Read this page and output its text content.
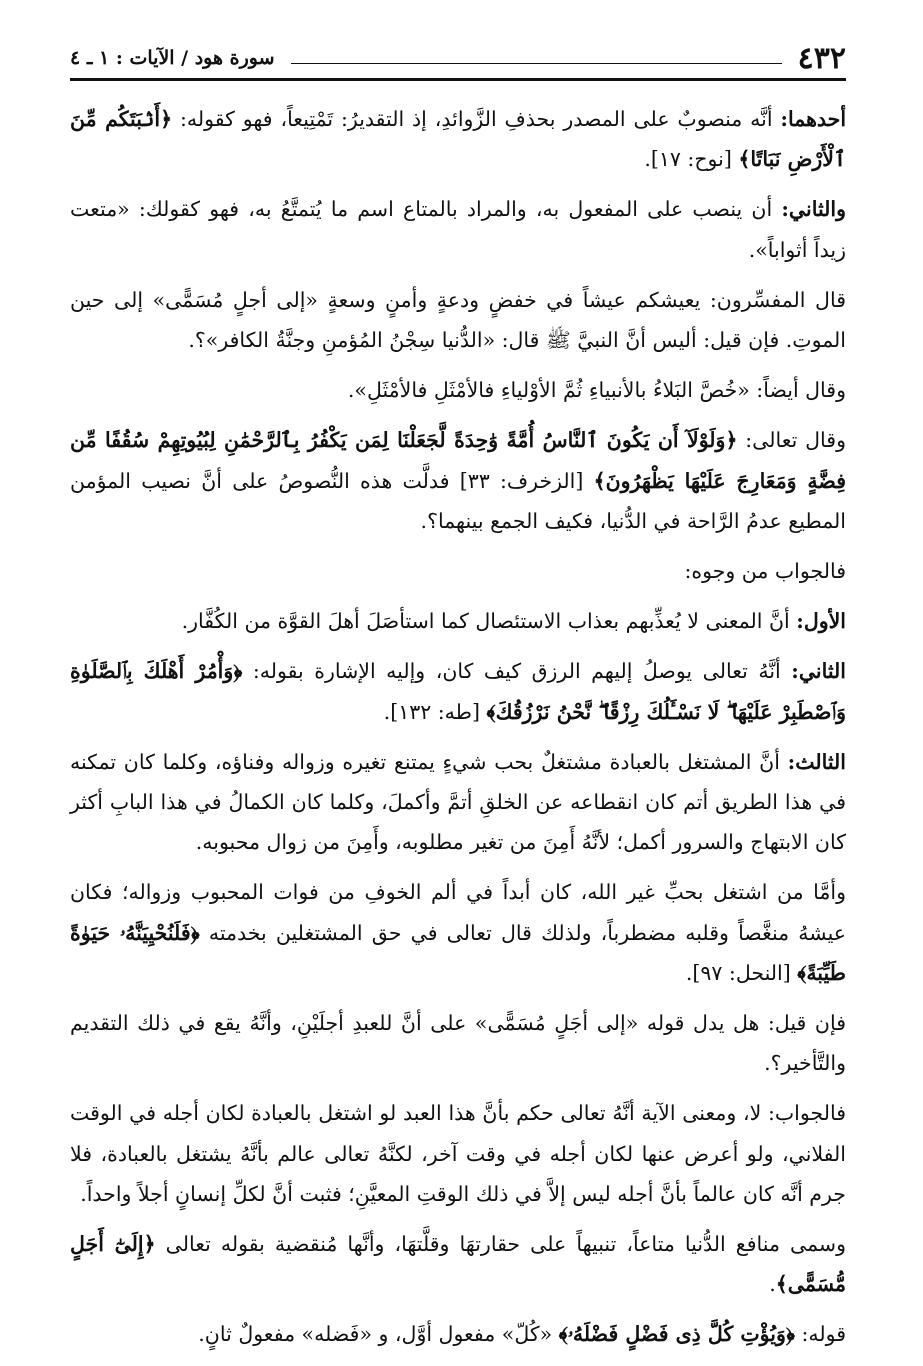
٤٣٢
سورة هود / الآيات : ١ ـ ٤

أحدهما: أنَّه منصوبٌ على المصدر بحذفِ الزَّوائدِ، إذ التقديرُ: تَمْتِيعاً، فهو كقوله: ﴿أَنۢبَتَكُم مِّنَ ٱلْأَرْضِ نَبَاتًا﴾ [نوح: ١٧].

والثاني: أن ينصب على المفعول به، والمراد بالمتاع اسم ما يُتمتَّعُ به، فهو كقولك: «متعت زيداً أثواباً».

قال المفسِّرون: يعيشكم عيشاً في خفضٍ ودعةٍ وأمنٍ وسعةٍ «إلى أجلٍ مُسَمًّى» إلى حين الموتِ. فإن قيل: أليس أنَّ النبيَّ ﷺ قال: «الدُّنيا سِجْنُ المُؤمنِ وجنَّةُ الكافر»؟.

وقال أيضاً: «خُصَّ البَلاءُ بالأنبياءِ ثُمَّ الأوْلياءِ فالأمْثَلِ فالأمْثَلِ».

وقال تعالى: ﴿وَلَوْلَآ أَن يَكُونَ ٱلنَّاسُ أُمَّةً وَٰحِدَةً لَّجَعَلْنَا لِمَن يَكْفُرُ بِٱلرَّحْمَٰنِ لِبُيُوتِهِمْ سُقُفًا مِّن فِضَّةٍ وَمَعَارِجَ عَلَيْهَا يَظْهَرُونَ﴾ [الزخرف: ٣٣] فدلَّت هذه النُّصوصُ على أنَّ نصيب المؤمن المطيع عدمُ الرَّاحة في الدُّنيا، فكيف الجمع بينهما؟.

فالجواب من وجوه:

الأول: أنَّ المعنى لا يُعذِّبهم بعذاب الاستئصال كما استأصَلَ أهلَ القوَّة من الكُفَّار.

الثاني: أنَّهُ تعالى يوصلُ إليهم الرزق كيف كان، وإليه الإشارة بقوله: ﴿وَأْمُرْ أَهْلَكَ بِٱلصَّلَوٰةِ وَٱصْطَبِرْ عَلَيْهَا ۖ لَا نَسْـَٔلُكَ رِزْقًا ۖ نَّحْنُ نَرْزُقُكَ﴾ [طه: ١٣٢].

الثالث: أنَّ المشتغل بالعبادة مشتغلٌ بحب شيءٍ يمتنع تغيره وزواله وفناؤه، وكلما كان تمكنه في هذا الطريق أتم كان انقطاعه عن الخلقِ أتمَّ وأكملَ، وكلما كان الكمالُ في هذا البابِ أكثر كان الابتهاج والسرور أكمل؛ لأنَّهُ أَمِنَ من تغير مطلوبه، وأَمِنَ من زوال محبوبه.

وأمَّا من اشتغل بحبِّ غير الله، كان أبداً في ألم الخوفِ من فوات المحبوب وزواله؛ فكان عيشهُ منغَّصاً وقلبه مضطرباً، ولذلك قال تعالى في حق المشتغلين بخدمته ﴿فَلَنُحْيِيَنَّهُۥ حَيَوٰةً طَيِّبَةً﴾ [النحل: ٩٧].

فإن قيل: هل يدل قوله «إلى أجَلٍ مُسَمًّى» على أنَّ للعبدِ أجلَيْنِ، وأنَّهُ يقع في ذلك التقديم والتَّأخير؟.

فالجواب: لا، ومعنى الآية أنَّهُ تعالى حكم بأنَّ هذا العبد لو اشتغل بالعبادة لكان أجله في الوقت الفلاني، ولو أعرض عنها لكان أجله في وقت آخر، لكنَّهُ تعالى عالم بأنَّهُ يشتغل بالعبادة، فلا جرم أنَّه كان عالماً بأنَّ أجله ليس إلاَّ في ذلك الوقتِ المعيَّنِ؛ فثبت أنَّ لكلِّ إنسانٍ أجلاً واحداً.

وسمى منافع الدُّنيا متاعاً، تنبيهاً على حقارتهَا وقلَّتهَا، وأنَّها مُنقضية بقوله تعالى ﴿إِلَىٰٓ أَجَلٍ مُّسَمًّى﴾.

قوله: ﴿وَيُؤْتِ كُلَّ ذِى فَضْلٍ فَضْلَهُۥ﴾ «كُلّ» مفعول أوَّل، و «فَضله» مفعولٌ ثانٍ.
